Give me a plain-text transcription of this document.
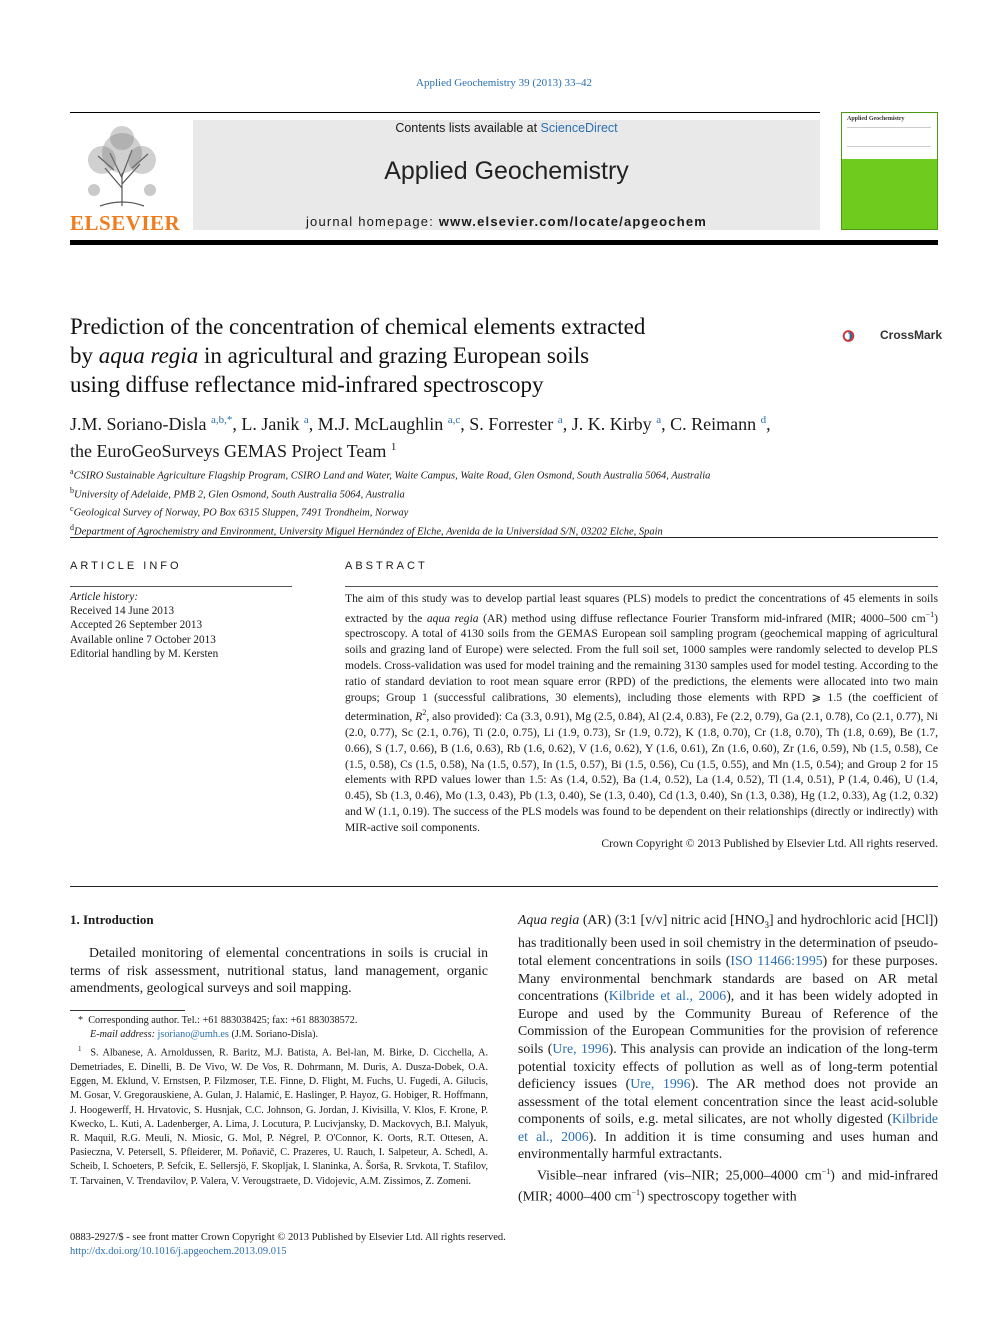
Applied Geochemistry 39 (2013) 33–42
ELSEVIER
Contents lists available at ScienceDirect
Applied Geochemistry
journal homepage: www.elsevier.com/locate/apgeochem
Applied Geochemistry
Prediction of the concentration of chemical elements extracted
by aqua regia in agricultural and grazing European soils
using diffuse reflectance mid-infrared spectroscopy
CrossMark
J.M. Soriano-Disla $^{a,b,*}$, L. Janik $^a$, M.J. McLaughlin $^{a,c}$, S. Forrester $^a$, J. K. Kirby $^a$, C. Reimann $^d$,
the EuroGeoSurveys GEMAS Project Team $^1$
$^a$CSIRO Sustainable Agriculture Flagship Program, CSIRO Land and Water, Waite Campus, Waite Road, Glen Osmond, South Australia 5064, Australia
$^b$University of Adelaide, PMB 2, Glen Osmond, South Australia 5064, Australia
$^c$Geological Survey of Norway, PO Box 6315 Sluppen, 7491 Trondheim, Norway
$^d$Department of Agrochemistry and Environment, University Miguel Hernández of Elche, Avenida de la Universidad S/N, 03202 Elche, Spain
ARTICLE INFO
Article history:
Received 14 June 2013
Accepted 26 September 2013
Available online 7 October 2013
Editorial handling by M. Kersten
ABSTRACT
The aim of this study was to develop partial least squares (PLS) models to predict the concentrations of 45 elements in soils extracted by the aqua regia (AR) method using diffuse reflectance Fourier Transform mid-infrared (MIR; 4000–500 $cm^{-1}$) spectroscopy. A total of 4130 soils from the GEMAS European soil sampling program (geochemical mapping of agricultural soils and grazing land of Europe) were selected. From the full soil set, 1000 samples were randomly selected to develop PLS models. Cross-validation was used for model training and the remaining 3130 samples used for model testing. According to the ratio of standard deviation to root mean square error (RPD) of the predictions, the elements were allocated into two main groups; Group 1 (successful calibrations, 30 elements), including those elements with RPD ⩾ 1.5 (the coefficient of determination, $R^2$, also provided): Ca (3.3, 0.91), Mg (2.5, 0.84), Al (2.4, 0.83), Fe (2.2, 0.79), Ga (2.1, 0.78), Co (2.1, 0.77), Ni (2.0, 0.77), Sc (2.1, 0.76), Ti (2.0, 0.75), Li (1.9, 0.73), Sr (1.9, 0.72), K (1.8, 0.70), Cr (1.8, 0.70), Th (1.8, 0.69), Be (1.7, 0.66), S (1.7, 0.66), B (1.6, 0.63), Rb (1.6, 0.62), V (1.6, 0.62), Y (1.6, 0.61), Zn (1.6, 0.60), Zr (1.6, 0.59), Nb (1.5, 0.58), Ce (1.5, 0.58), Cs (1.5, 0.58), Na (1.5, 0.57), In (1.5, 0.57), Bi (1.5, 0.56), Cu (1.5, 0.55), and Mn (1.5, 0.54); and Group 2 for 15 elements with RPD values lower than 1.5: As (1.4, 0.52), Ba (1.4, 0.52), La (1.4, 0.52), Tl (1.4, 0.51), P (1.4, 0.46), U (1.4, 0.45), Sb (1.3, 0.46), Mo (1.3, 0.43), Pb (1.3, 0.40), Se (1.3, 0.40), Cd (1.3, 0.40), Sn (1.3, 0.38), Hg (1.2, 0.33), Ag (1.2, 0.32) and W (1.1, 0.19). The success of the PLS models was found to be dependent on their relationships (directly or indirectly) with MIR-active soil components.
Crown Copyright © 2013 Published by Elsevier Ltd. All rights reserved.
1. Introduction
Detailed monitoring of elemental concentrations in soils is crucial in terms of risk assessment, nutritional status, land management, organic amendments, geological surveys and soil mapping.
*  Corresponding author. Tel.: +61 883038425; fax: +61 883038572.
E-mail address: jsoriano@umh.es (J.M. Soriano-Disla).
$^1$ S. Albanese, A. Arnoldussen, R. Baritz, M.J. Batista, A. Bel-lan, M. Birke, D. Cicchella, A. Demetriades, E. Dinelli, B. De Vivo, W. De Vos, R. Dohrmann, M. Duris, A. Dusza-Dobek, O.A. Eggen, M. Eklund, V. Ernstsen, P. Filzmoser, T.E. Finne, D. Flight, M. Fuchs, U. Fugedi, A. Gilucis, M. Gosar, V. Gregorauskiene, A. Gulan, J. Halamić, E. Haslinger, P. Hayoz, G. Hobiger, R. Hoffmann, J. Hoogewerff, H. Hrvatovic, S. Husnjak, C.C. Johnson, G. Jordan, J. Kivisilla, V. Klos, F. Krone, P. Kwecko, L. Kuti, A. Ladenberger, A. Lima, J. Locutura, P. Lucivjansky, D. Mackovych, B.I. Malyuk, R. Maquil, R.G. Meuli, N. Miosic, G. Mol, P. Négrel, P. O'Connor, K. Oorts, R.T. Ottesen, A. Pasieczna, V. Petersell, S. Pfleiderer, M. Poňavič, C. Prazeres, U. Rauch, I. Salpeteur, A. Schedl, A. Scheib, I. Schoeters, P. Sefcik, E. Sellersjö, F. Skopljak, I. Slaninka, A. Šorša, R. Srvkota, T. Stafilov, T. Tarvainen, V. Trendavilov, P. Valera, V. Verougstraete, D. Vidojevic, A.M. Zissimos, Z. Zomeni.

Aqua regia (AR) (3:1 [v/v] nitric acid $[HNO_3]$ and hydrochloric acid [HCl]) has traditionally been used in soil chemistry in the determination of pseudo-total element concentrations in soils (ISO 11466:1995) for these purposes. Many environmental benchmark standards are based on AR metal concentrations (Kilbride et al., 2006), and it has been widely adopted in Europe and used by the Community Bureau of Reference of the Commission of the European Communities for the provision of reference soils (Ure, 1996). This analysis can provide an indication of the long-term potential toxicity effects of pollution as well as of long-term potential deficiency issues (Ure, 1996). The AR method does not provide an assessment of the total element concentration since the least acid-soluble components of soils, e.g. metal silicates, are not wholly digested (Kilbride et al., 2006). In addition it is time consuming and uses human and environmentally harmful extractants.

Visible–near infrared (vis–NIR; 25,000–4000 $cm^{-1}$) and mid-infrared (MIR; 4000–400 $cm^{-1}$) spectroscopy together with

0883-2927/$ - see front matter Crown Copyright © 2013 Published by Elsevier Ltd. All rights reserved.
http://dx.doi.org/10.1016/j.apgeochem.2013.09.015
